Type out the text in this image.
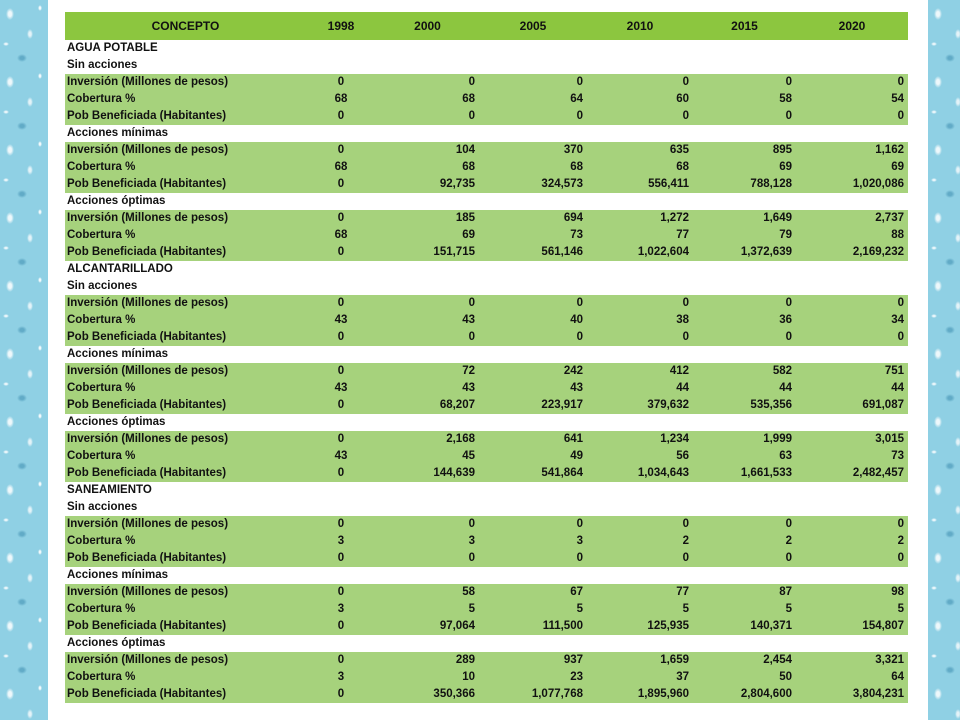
CONCEPTO	1998	2000	2005	2010	2015	2020
AGUA POTABLE						
Sin acciones						
Inversión (Millones de pesos)	0	0	0	0	0	0
Cobertura %	68	68	64	60	58	54
Pob Beneficiada (Habitantes)	0	0	0	0	0	0
Acciones mínimas						
Inversión (Millones de pesos)	0	104	370	635	895	1,162
Cobertura %	68	68	68	68	69	69
Pob Beneficiada (Habitantes)	0	92,735	324,573	556,411	788,128	1,020,086
Acciones óptimas						
Inversión (Millones de pesos)	0	185	694	1,272	1,649	2,737
Cobertura %	68	69	73	77	79	88
Pob Beneficiada (Habitantes)	0	151,715	561,146	1,022,604	1,372,639	2,169,232
ALCANTARILLADO						
Sin acciones						
Inversión (Millones de pesos)	0	0	0	0	0	0
Cobertura %	43	43	40	38	36	34
Pob Beneficiada (Habitantes)	0	0	0	0	0	0
Acciones mínimas						
Inversión (Millones de pesos)	0	72	242	412	582	751
Cobertura %	43	43	43	44	44	44
Pob Beneficiada (Habitantes)	0	68,207	223,917	379,632	535,356	691,087
Acciones óptimas						
Inversión (Millones de pesos)	0	2,168	641	1,234	1,999	3,015
Cobertura %	43	45	49	56	63	73
Pob Beneficiada (Habitantes)	0	144,639	541,864	1,034,643	1,661,533	2,482,457
SANEAMIENTO						
Sin acciones						
Inversión (Millones de pesos)	0	0	0	0	0	0
Cobertura %	3	3	3	2	2	2
Pob Beneficiada (Habitantes)	0	0	0	0	0	0
Acciones mínimas						
Inversión (Millones de pesos)	0	58	67	77	87	98
Cobertura %	3	5	5	5	5	5
Pob Beneficiada (Habitantes)	0	97,064	111,500	125,935	140,371	154,807
Acciones óptimas						
Inversión (Millones de pesos)	0	289	937	1,659	2,454	3,321
Cobertura %	3	10	23	37	50	64
Pob Beneficiada (Habitantes)	0	350,366	1,077,768	1,895,960	2,804,600	3,804,231
